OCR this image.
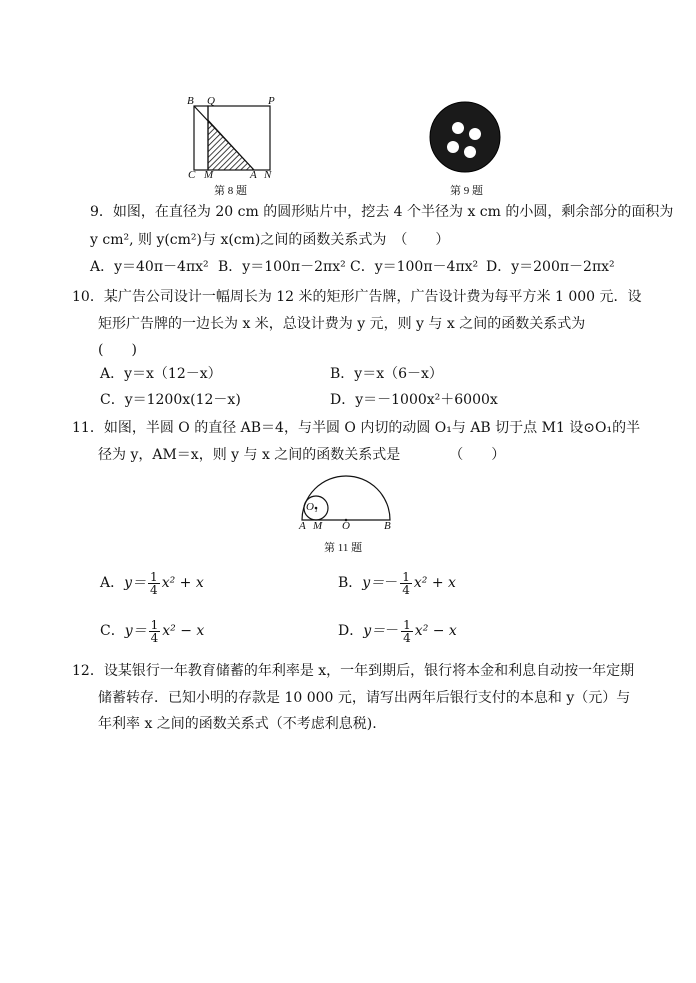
B Q	P
C M	A N
第 8 题	第 9 题
9．如图，在直径为 20 cm 的圆形贴片中，挖去 4 个半径为 x cm 的小圆，剩余部分的面积为
y cm², 则 y(cm²)与 x(cm)之间的函数关系式为　（　　）
A．y＝40π－4πx² B．y＝100π－2πx² C．y＝100π－4πx² D．y＝200π－2πx²
10．某广告公司设计一幅周长为 12 米的矩形广告牌，广告设计费为每平方米 1 000 元．设
矩形广告牌的一边长为 x 米，总设计费为 y 元，则 y 与 x 之间的函数关系式为
(　　)
A．y＝x（12－x）	B．y＝x（6－x）
C．y＝1200x(12－x)	D．y＝－1000x²＋6000x
11．如图，半圆 O 的直径 AB＝4，与半圆 O 内切的动圆 O₁与 AB 切于点 M1 设⊙O₁的半
径为 y，AM＝x，则 y 与 x 之间的函数关系式是　　　　（　　）
O₁
A M O	B
第 11 题
A．$y= \frac{1}{4} x^2 + x$	B．$y=- \frac{1}{4} x^2 + x$
C．$y= \frac{1}{4} x^2 - x$	D．$y=- \frac{1}{4} x^2 - x$
12．设某银行一年教育储蓄的年利率是 x，一年到期后，银行将本金和利息自动按一年定期
储蓄转存．已知小明的存款是 10 000 元，请写出两年后银行支付的本息和 y（元）与
年利率 x 之间的函数关系式（不考虑利息税).
